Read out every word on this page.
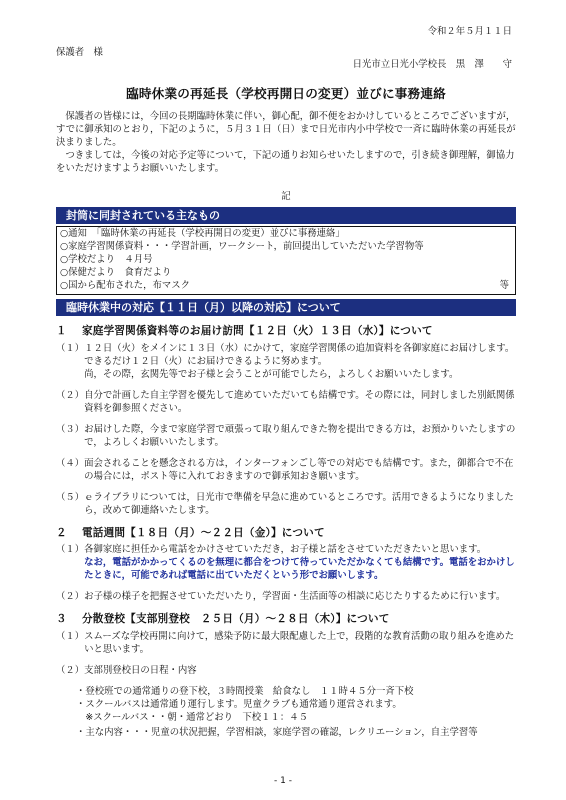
令和２年５月１１日
保護者　様
日光市立日光小学校長　黒　澤　　守
臨時休業の再延長（学校再開日の変更）並びに事務連絡

保護者の皆様には，今回の長期臨時休業に伴い，御心配，御不便をおかけしているところでございますが，すでに御承知のとおり，下記のように，５月３１日（日）まで日光市内小中学校で一斉に臨時休業の再延長が決まりました。

つきましては，今後の対応予定等について，下記の通りお知らせいたしますので，引き続き御理解，御協力をいただけますようお願いいたします。

記
封筒に同封されている主なもの
○通知　「臨時休業の再延長（学校再開日の変更）並びに事務連絡」
○家庭学習関係資料・・・学習計画，ワークシート，前回提出していただいた学習物等
○学校だより　４月号
○保健だより　食育だより
○国から配布された，布マスク	等
臨時休業中の対応【１１日（月）以降の対応】について
１ 家庭学習関係資料等のお届け訪問【１２日（火）１３日（水）】について
（１） １２日（火）をメインに１３日（水）にかけて，家庭学習関係の追加資料を各御家庭にお届けします。できるだけ１２日（火）にお届けできるように努めます。
尚，その際，玄関先等でお子様と会うことが可能でしたら，よろしくお願いいたします。
（２） 自分で計画した自主学習を優先して進めていただいても結構です。その際には，同封しました別紙関係資料を御参照ください。
（３） お届けした際，今まで家庭学習で頑張って取り組んできた物を提出できる方は，お預かりいたしますので，よろしくお願いいたします。
（４） 面会されることを懸念される方は，インターフォンごし等での対応でも結構です。また，御都合で不在の場合には，ポスト等に入れておきますので御承知おき願います。
（５） ｅライブラリについては，日光市で準備を早急に進めているところです。活用できるようになりましたら，改めて御連絡いたします。
２ 電話週間【１８日（月）～２２日（金）】について
（１） 各御家庭に担任から電話をかけさせていただき，お子様と話をさせていただきたいと思います。
なお，電話がかかってくるのを無理に都合をつけて待っていただかなくても結構です。電話をおかけしたときに，可能であれば電話に出ていただくという形でお願いします。
（２） お子様の様子を把握させていただいたり，学習面・生活面等の相談に応じたりするために行います。
３ 分散登校【支部別登校　２５日（月）～２８日（木）】について
（１） スムーズな学校再開に向けて，感染予防に最大限配慮した上で，段階的な教育活動の取り組みを進めたいと思います。
（２） 支部別登校日の日程・内容
・登校班での通常通りの登下校，３時間授業　給食なし　１１時４５分一斉下校
・スクールバスは通常通り運行します。児童クラブも通常通り運営されます。
　※スクールバス・・朝・通常どおり　下校１１：４５
・主な内容・・・児童の状況把握，学習相談，家庭学習の確認，レクリエーション，自主学習等
- 1 -
